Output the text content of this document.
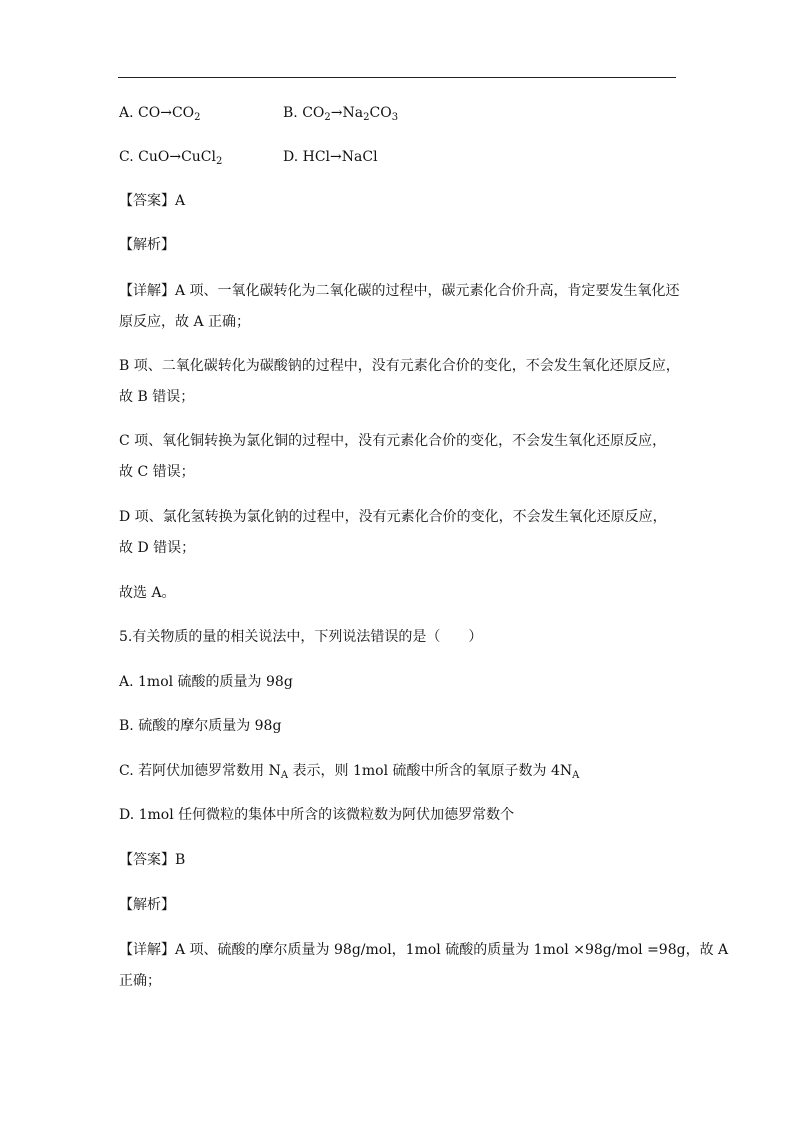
A. $CO\to CO_2$	B. $CO_2\to Na_2CO_3$
C. CuO→CuCl$_2$	D. HCl→NaCl
【答案】A
【解析】
【详解】A 项、一氧化碳转化为二氧化碳的过程中，碳元素化合价升高，肯定要发生氧化还
原反应，故 A 正确；
B 项、二氧化碳转化为碳酸钠的过程中，没有元素化合价的变化，不会发生氧化还原反应，
故 B 错误；
C 项、氧化铜转换为氯化铜的过程中，没有元素化合价的变化，不会发生氧化还原反应，
故 C 错误；
D 项、氯化氢转换为氯化钠的过程中，没有元素化合价的变化，不会发生氧化还原反应，
故 D 错误；
故选 A。
5.有关物质的量的相关说法中，下列说法错误的是（　　）
A. 1mol 硫酸的质量为 98g
B. 硫酸的摩尔质量为 98g
C. 若阿伏加德罗常数用 $N_A$ 表示，则 1mol 硫酸中所含的氧原子数为 $4N_A$
D. 1mol 任何微粒的集体中所含的该微粒数为阿伏加德罗常数个
【答案】B
【解析】
【详解】A 项、硫酸的摩尔质量为 98g/mol，1mol 硫酸的质量为 1mol ×98g/mol =98g，故 A
正确；
